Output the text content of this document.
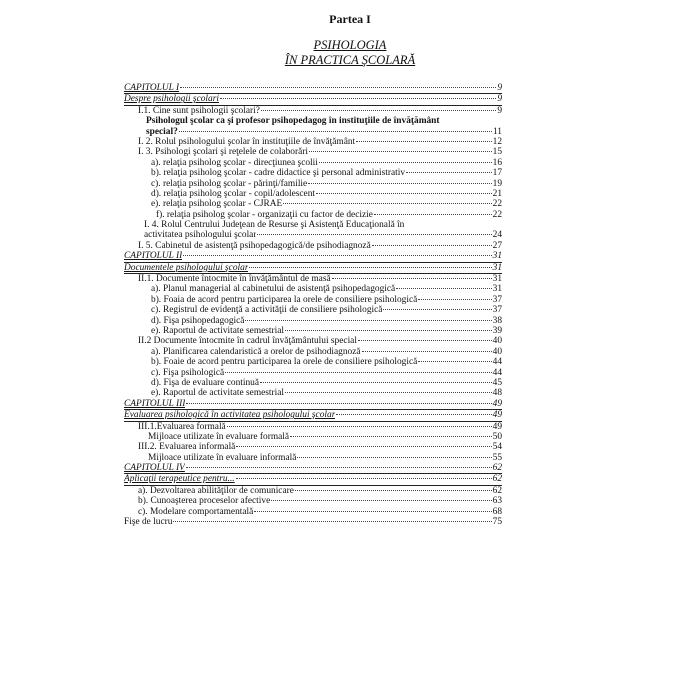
Partea I
PSIHOLOGIA
ÎN PRACTICA ŞCOLARĂ
CAPITOLUL I	9
Despre psihologii şcolari	9
I.1. Cine sunt psihologii şcolari?	9
Psihologul şcolar ca şi profesor psihopedagog în instituţiile de învăţământ
special?	11
I. 2. Rolul psihologului şcolar în instituţiile de învăţământ	12
I. 3. Psihologi şcolari şi reţelele de colaborări	15
a). relaţia psiholog şcolar - direcţiunea şcolii	16
b). relaţia psiholog şcolar - cadre didactice şi personal administrativ	17
c). relaţia psiholog şcolar - părinţi/familie	19
d). relaţia psiholog şcolar - copil/adolescent	21
e). relaţia psiholog şcolar - CJRAE	22
f). relaţia psiholog şcolar - organizaţii cu factor de decizie	22
I. 4. Rolul Centrului Judeţean de Resurse şi Asistenţă Educaţională în
activitatea psihologului şcolar	24
I. 5. Cabinetul de asistenţă psihopedagogică/de psihodiagnoză	27
CAPITOLUL II	31
Documentele psihologului şcolar	31
II.1. Documente întocmite în învăţământul de masă	31
a). Planul managerial al cabinetului de asistenţă psihopedagogică	31
b). Foaia de acord pentru participarea la orele de consiliere psihologică	37
c). Registrul de evidenţă a activităţii de consiliere psihologică	37
d). Fişa psihopedagogică	38
e). Raportul de activitate semestrial	39
II.2 Documente întocmite în cadrul învăţământului special	40
a). Planificarea calendaristică a orelor de psihodiagnoză	40
b). Foaie de acord pentru participarea la orele de consiliere psihologică	44
c). Fişa psihologică	44
d). Fişa de evaluare continuă	45
e). Raportul de activitate semestrial	48
CAPITOLUL III	49
Evaluarea psihologică în activitatea psihologului şcolar	49
III.1.Evaluarea formală	49
Mijloace utilizate în evaluare formală	50
III.2. Evaluarea informală	54
Mijloace utilizate în evaluare informală	55
CAPITOLUL IV	62
Aplicaţii terapeutice pentru...	62
a). Dezvoltarea abilităţilor de comunicare	62
b). Cunoaşterea proceselor afective	63
c). Modelare comportamentală	68
Fişe de lucru	75
